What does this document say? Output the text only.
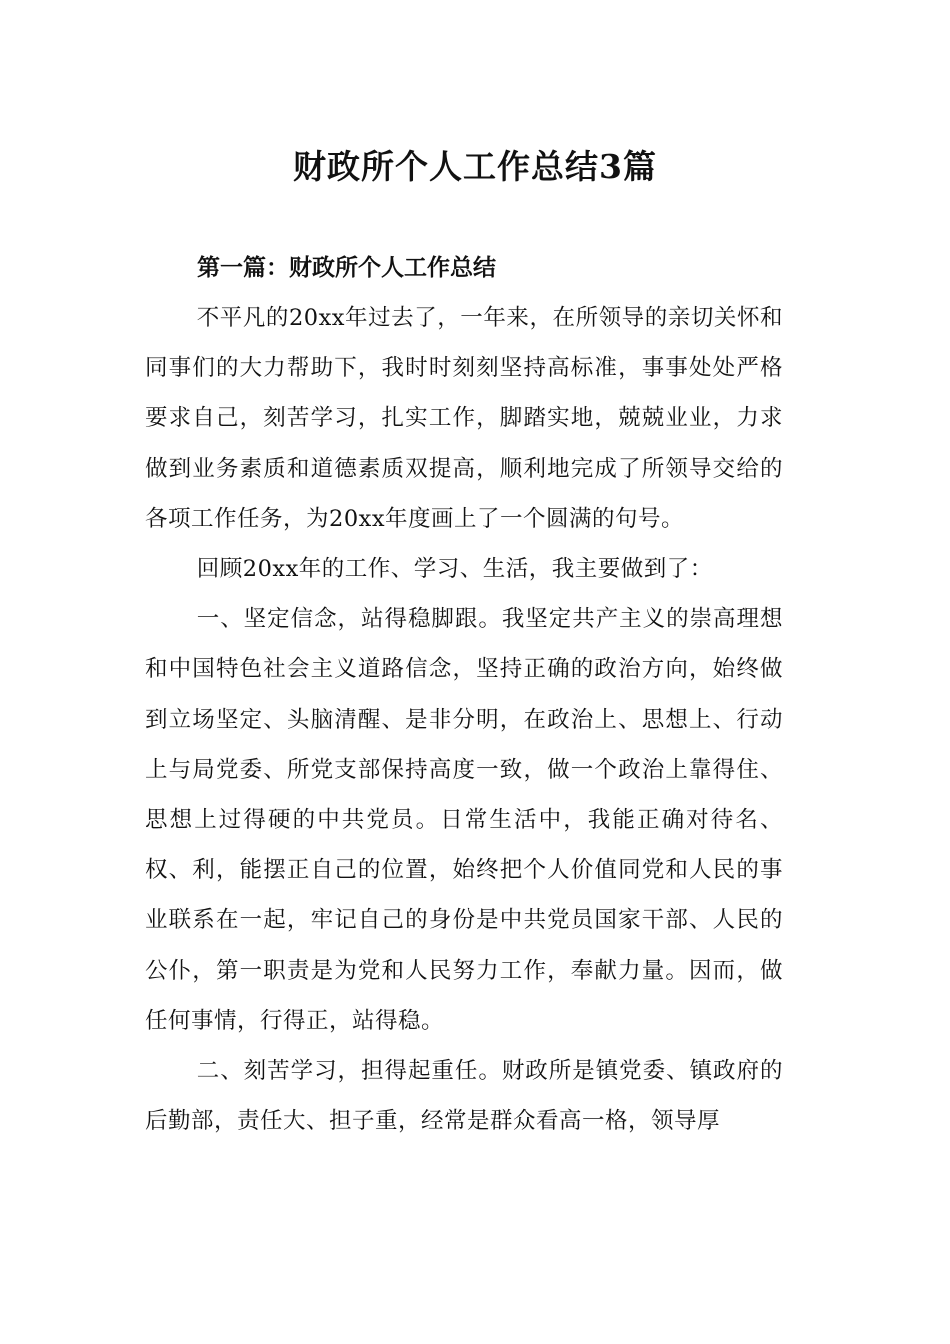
财政所个人工作总结3篇
第一篇：财政所个人工作总结

不平凡的20xx年过去了，一年来，在所领导的亲切关怀和同事们的大力帮助下，我时时刻刻坚持高标准，事事处处严格要求自己，刻苦学习，扎实工作，脚踏实地，兢兢业业，力求做到业务素质和道德素质双提高，顺利地完成了所领导交给的各项工作任务，为20xx年度画上了一个圆满的句号。

回顾20xx年的工作、学习、生活，我主要做到了：

一、坚定信念，站得稳脚跟。我坚定共产主义的崇高理想和中国特色社会主义道路信念，坚持正确的政治方向，始终做到立场坚定、头脑清醒、是非分明，在政治上、思想上、行动上与局党委、所党支部保持高度一致，做一个政治上靠得住、思想上过得硬的中共党员。日常生活中，我能正确对待名、权、利，能摆正自己的位置，始终把个人价值同党和人民的事业联系在一起，牢记自己的身份是中共党员国家干部、人民的公仆，第一职责是为党和人民努力工作，奉献力量。因而，做任何事情，行得正，站得稳。

二、刻苦学习，担得起重任。财政所是镇党委、镇政府的后勤部，责任大、担子重，经常是群众看高一格，领导厚
